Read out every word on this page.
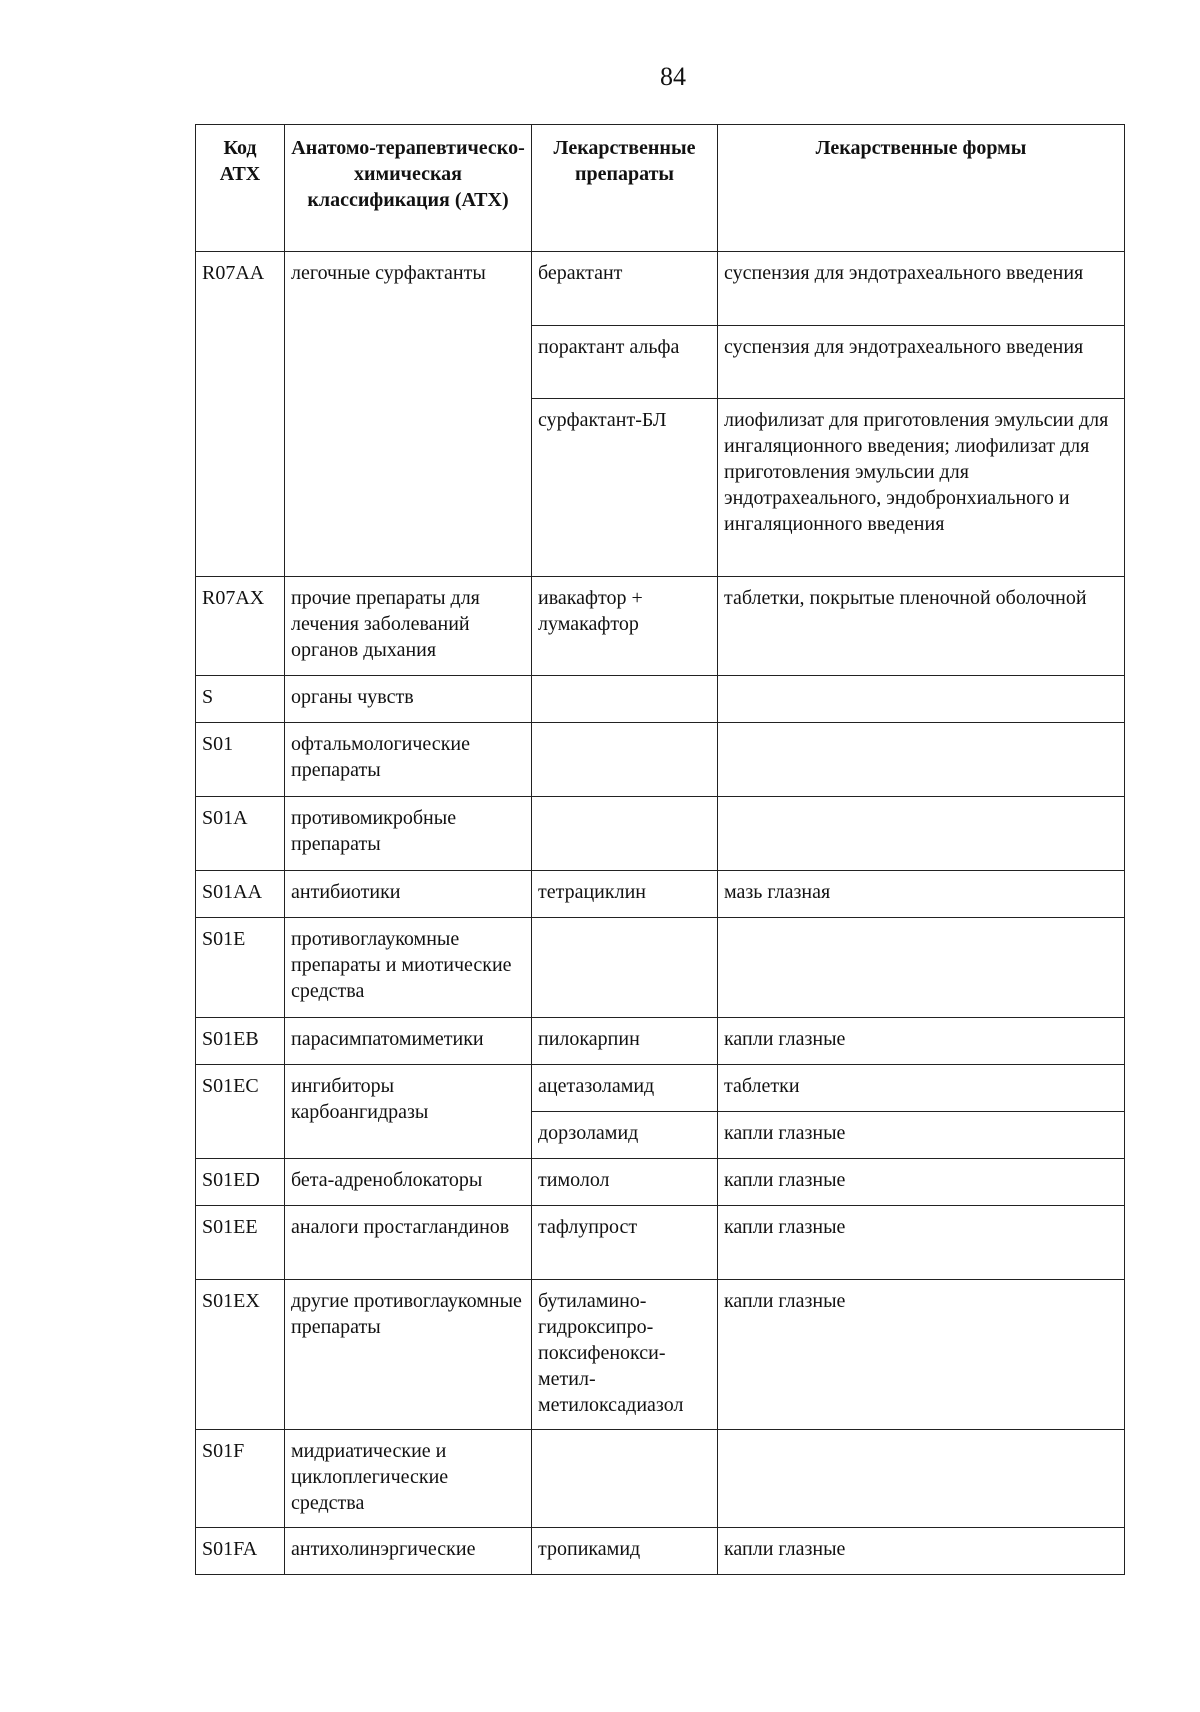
84
Код АТХ	Анатомо-терапевтическо-химическая классификация (АТХ)	Лекарственные препараты	Лекарственные формы
R07AA	легочные сурфактанты	берактант	суспензия для эндотрахеального введения
		порактант альфа	суспензия для эндотрахеального введения
		сурфактант-БЛ	лиофилизат для приготовления эмульсии для ингаляционного введения; лиофилизат для приготовления эмульсии для эндотрахеального, эндобронхиального и ингаляционного введения
R07AX	прочие препараты для лечения заболеваний органов дыхания	ивакафтор + лумакафтор	таблетки, покрытые пленочной оболочной
S	органы чувств		
S01	офтальмологические препараты		
S01A	противомикробные препараты		
S01AA	антибиотики	тетрациклин	мазь глазная
S01E	противоглаукомные препараты и миотические средства		
S01EB	парасимпатомиметики	пилокарпин	капли глазные
S01EC	ингибиторы карбоангидразы	ацетазоламид	таблетки
		дорзоламид	капли глазные
S01ED	бета-адреноблокаторы	тимолол	капли глазные
S01EE	аналоги простагландинов	тафлупрост	капли глазные
S01EX	другие противоглаукомные препараты	бутиламино-гидроксипро-поксифенокси-метил-метилоксадиазол	капли глазные
S01F	мидриатические и циклоплегические средства		
S01FA	антихолинэргические	тропикамид	капли глазные
